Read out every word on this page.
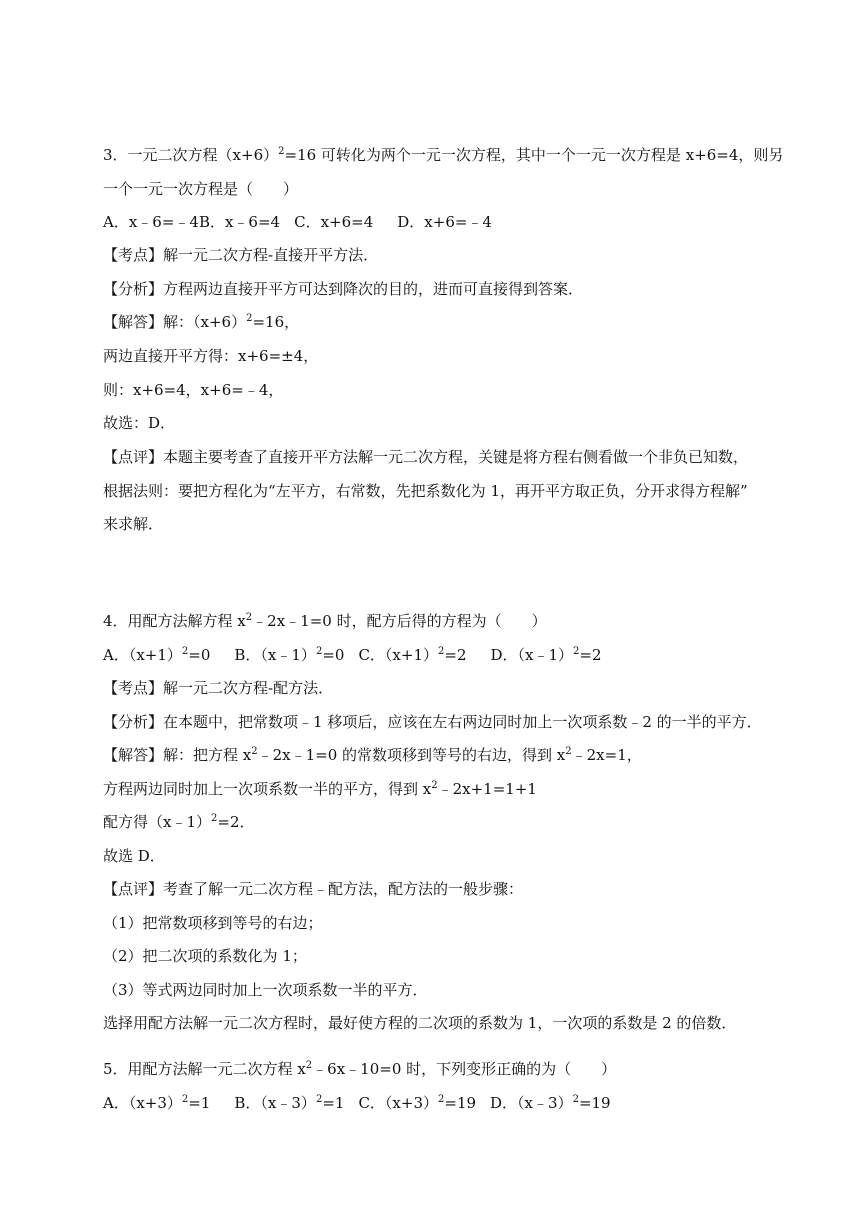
3．一元二次方程$(x+6)^2=16$ 可转化为两个一元一次方程，其中一个一元一次方程是 x+6=4，则另
一个一元一次方程是（　　）
A．x﹣6=﹣4B．x﹣6=4 C．x+6=4 D．x+6=﹣4
【考点】解一元二次方程-直接开平方法．
【分析】方程两边直接开平方可达到降次的目的，进而可直接得到答案．
【解答】解：$(x+6)^2=16$，
两边直接开平方得：x+6=±4，
则：x+6=4，x+6=﹣4，
故选：D．
【点评】本题主要考查了直接开平方法解一元二次方程，关键是将方程右侧看做一个非负已知数，
根据法则：要把方程化为“左平方，右常数，先把系数化为 1，再开平方取正负，分开求得方程解”
来求解．
4．用配方法解方程 $x^2﹣2x﹣1=0$ 时，配方后得的方程为（　　）
A．$(x+1)^2=0$ B．（x﹣1）$^2$=0 C．$(x+1)^2=2$ D．（x﹣1）$^2$=2
【考点】解一元二次方程-配方法．
【分析】在本题中，把常数项﹣1 移项后，应该在左右两边同时加上一次项系数﹣2 的一半的平方．
【解答】解：把方程 $x^2﹣2x﹣1=0$ 的常数项移到等号的右边，得到 $x^2﹣2x=1$，
方程两边同时加上一次项系数一半的平方，得到 $x^2﹣2x+1=1+1$
配方得（x﹣1）$^2$=2．
故选 D．
【点评】考查了解一元二次方程﹣配方法，配方法的一般步骤：
（1）把常数项移到等号的右边；
（2）把二次项的系数化为 1；
（3）等式两边同时加上一次项系数一半的平方．
选择用配方法解一元二次方程时，最好使方程的二次项的系数为 1，一次项的系数是 2 的倍数．
5．用配方法解一元二次方程 $x^2﹣6x﹣10=0$ 时，下列变形正确的为（　　）
A．$(x+3)^2=1$ B．（x﹣3）$^2$=1 C．$(x+3)^2=19$ D．（x﹣3）$^2$=19
